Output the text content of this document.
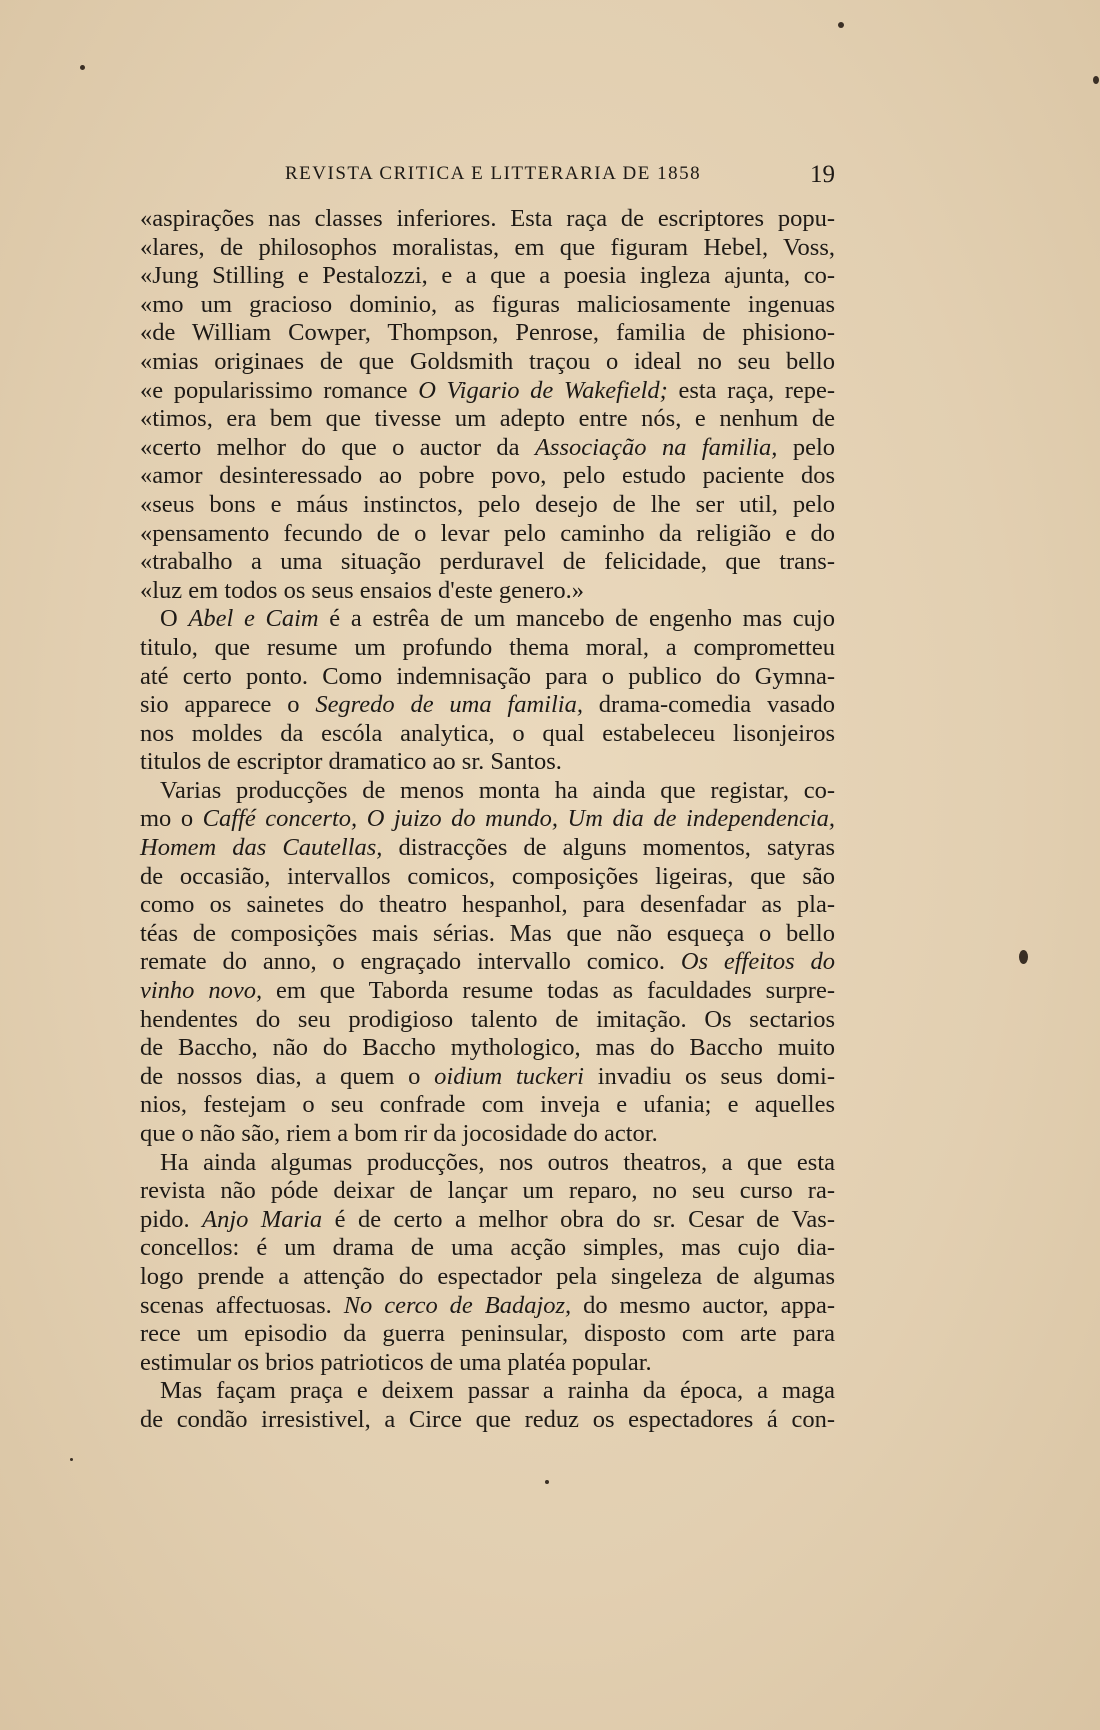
REVISTA CRITICA E LITTERARIA DE 1858	19
«aspirações nas classes inferiores. Esta raça de escriptores popu-
«lares, de philosophos moralistas, em que figuram Hebel, Voss,
«Jung Stilling e Pestalozzi, e a que a poesia ingleza ajunta, co-
«mo um gracioso dominio, as figuras maliciosamente ingenuas
«de William Cowper, Thompson, Penrose, familia de phisiono-
«mias originaes de que Goldsmith traçou o ideal no seu bello
«e popularissimo romance O Vigario de Wakefield; esta raça, repe-
«timos, era bem que tivesse um adepto entre nós, e nenhum de
«certo melhor do que o auctor da Associação na familia, pelo
«amor desinteressado ao pobre povo, pelo estudo paciente dos
«seus bons e máus instinctos, pelo desejo de lhe ser util, pelo
«pensamento fecundo de o levar pelo caminho da religião e do
«trabalho a uma situação perduravel de felicidade, que trans-
«luz em todos os seus ensaios d'este genero.»
O Abel e Caim é a estrêa de um mancebo de engenho mas cujo
titulo, que resume um profundo thema moral, a comprometteu
até certo ponto. Como indemnisação para o publico do Gymna-
sio apparece o Segredo de uma familia, drama-comedia vasado
nos moldes da escóla analytica, o qual estabeleceu lisonjeiros
titulos de escriptor dramatico ao sr. Santos.
Varias producções de menos monta ha ainda que registar, co-
mo o Caffé concerto, O juizo do mundo, Um dia de independencia,
Homem das Cautellas, distracções de alguns momentos, satyras
de occasião, intervallos comicos, composições ligeiras, que são
como os sainetes do theatro hespanhol, para desenfadar as pla-
téas de composições mais sérias. Mas que não esqueça o bello
remate do anno, o engraçado intervallo comico. Os effeitos do
vinho novo, em que Taborda resume todas as faculdades surpre-
hendentes do seu prodigioso talento de imitação. Os sectarios
de Baccho, não do Baccho mythologico, mas do Baccho muito
de nossos dias, a quem o oidium tuckeri invadiu os seus domi-
nios, festejam o seu confrade com inveja e ufania; e aquelles
que o não são, riem a bom rir da jocosidade do actor.
Ha ainda algumas producções, nos outros theatros, a que esta
revista não póde deixar de lançar um reparo, no seu curso ra-
pido. Anjo Maria é de certo a melhor obra do sr. Cesar de Vas-
concellos: é um drama de uma acção simples, mas cujo dia-
logo prende a attenção do espectador pela singeleza de algumas
scenas affectuosas. No cerco de Badajoz, do mesmo auctor, appa-
rece um episodio da guerra peninsular, disposto com arte para
estimular os brios patrioticos de uma platéa popular.
Mas façam praça e deixem passar a rainha da época, a maga
de condão irresistivel, a Circe que reduz os espectadores á con-
